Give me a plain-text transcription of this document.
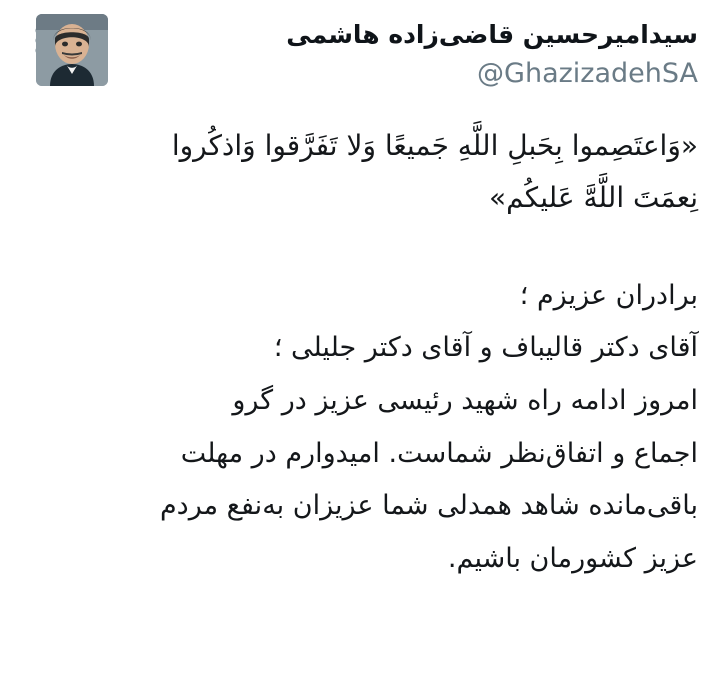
سیدامیرحسین قاضی‌زاده هاشمی
@GhazizadehSA
«وَاعتَصِموا بِحَبلِ اللَّهِ جَميعًا وَلا تَفَرَّقوا وَاذكُروا
نِعمَتَ اللَّهَّ عَليكُم»
برادران عزیزم ؛
آقای دکتر قالیباف و آقای دکتر جلیلی ؛
امروز ادامه راه شهید رئیسی عزیز در گرو
اجماع و اتفاق‌نظر شماست. امیدوارم در مهلت
باقی‌مانده شاهد همدلی شما عزیزان به‌نفع مردم
عزیز کشورمان باشیم.
